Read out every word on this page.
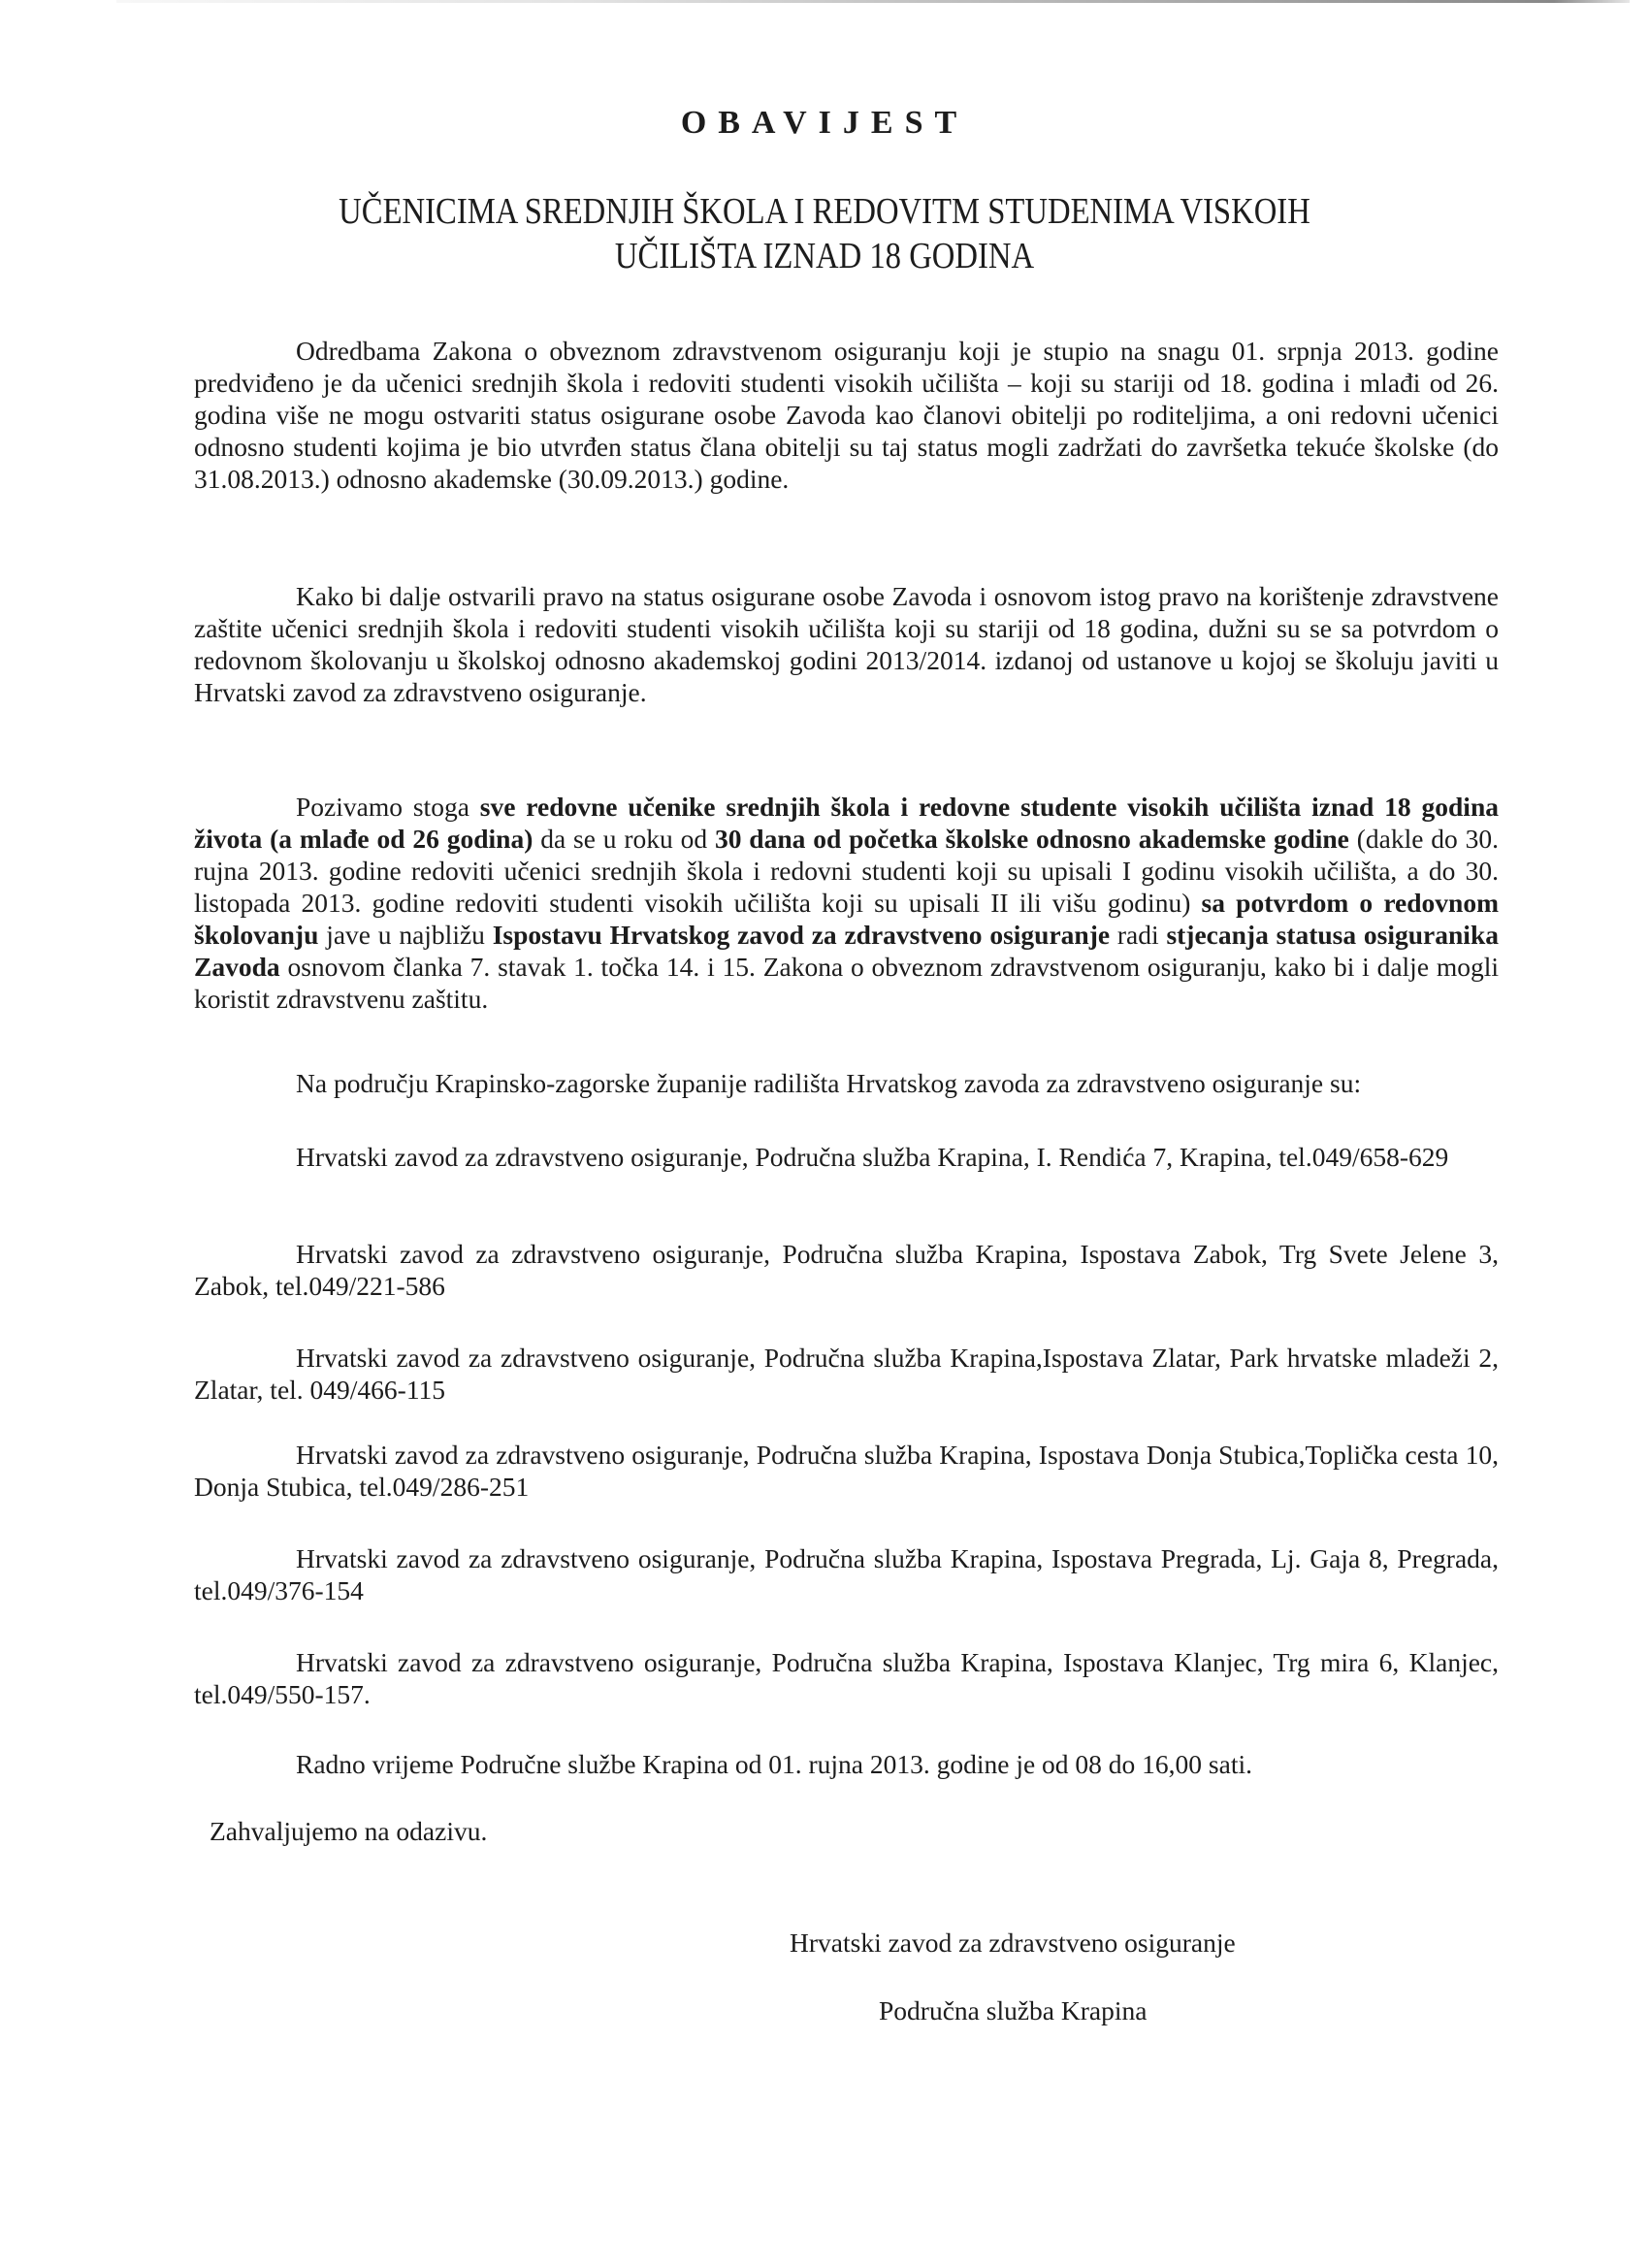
OBAVIJEST
UČENICIMA SREDNJIH ŠKOLA I REDOVITM STUDENIMA VISKOIH
UČILIŠTA IZNAD 18 GODINA
Odredbama Zakona o obveznom zdravstvenom osiguranju koji je stupio na snagu 01. srpnja 2013. godine predviđeno je da učenici srednjih škola i redoviti studenti visokih učilišta – koji su stariji od 18. godina i mlađi od 26. godina više ne mogu ostvariti status osigurane osobe Zavoda kao članovi obitelji po roditeljima, a oni redovni učenici odnosno studenti kojima je bio utvrđen status člana obitelji su taj status mogli zadržati do završetka tekuće školske (do 31.08.2013.) odnosno akademske (30.09.2013.) godine.
Kako bi dalje ostvarili pravo na status osigurane osobe Zavoda i osnovom istog pravo na korištenje zdravstvene zaštite učenici srednjih škola i redoviti studenti visokih učilišta koji su stariji od 18 godina, dužni su se sa potvrdom o redovnom školovanju u školskoj odnosno akademskoj godini 2013/2014. izdanoj od ustanove u kojoj se školuju javiti u Hrvatski zavod za zdravstveno osiguranje.
Pozivamo stoga sve redovne učenike srednjih škola i redovne studente visokih učilišta iznad 18 godina života (a mlađe od 26 godina) da se u roku od 30 dana od početka školske odnosno akademske godine (dakle do 30. rujna 2013. godine redoviti učenici srednjih škola i redovni studenti koji su upisali I godinu visokih učilišta, a do 30. listopada 2013. godine redoviti studenti visokih učilišta koji su upisali II ili višu godinu) sa potvrdom o redovnom školovanju jave u najbližu Ispostavu Hrvatskog zavod za zdravstveno osiguranje radi stjecanja statusa osiguranika Zavoda osnovom članka 7. stavak 1. točka 14. i 15. Zakona o obveznom zdravstvenom osiguranju, kako bi i dalje mogli koristit zdravstvenu zaštitu.
Na području Krapinsko-zagorske županije radilišta Hrvatskog zavoda za zdravstveno osiguranje su:
Hrvatski zavod za zdravstveno osiguranje, Područna služba Krapina, I. Rendića 7, Krapina, tel.049/658-629
Hrvatski zavod za zdravstveno osiguranje, Područna služba Krapina, Ispostava Zabok, Trg Svete Jelene 3, Zabok, tel.049/221-586
Hrvatski zavod za zdravstveno osiguranje, Područna služba Krapina,Ispostava Zlatar, Park hrvatske mladeži 2, Zlatar, tel. 049/466-115
Hrvatski zavod za zdravstveno osiguranje, Područna služba Krapina, Ispostava Donja Stubica,Toplička cesta 10, Donja Stubica, tel.049/286-251
Hrvatski zavod za zdravstveno osiguranje, Područna služba Krapina, Ispostava Pregrada, Lj. Gaja 8, Pregrada, tel.049/376-154
Hrvatski zavod za zdravstveno osiguranje, Područna služba Krapina, Ispostava Klanjec, Trg mira 6, Klanjec, tel.049/550-157.
Radno vrijeme Područne službe Krapina od 01. rujna 2013. godine je od 08 do 16,00 sati.
Zahvaljujemo na odazivu.
Hrvatski zavod za zdravstveno osiguranje
Područna služba Krapina
